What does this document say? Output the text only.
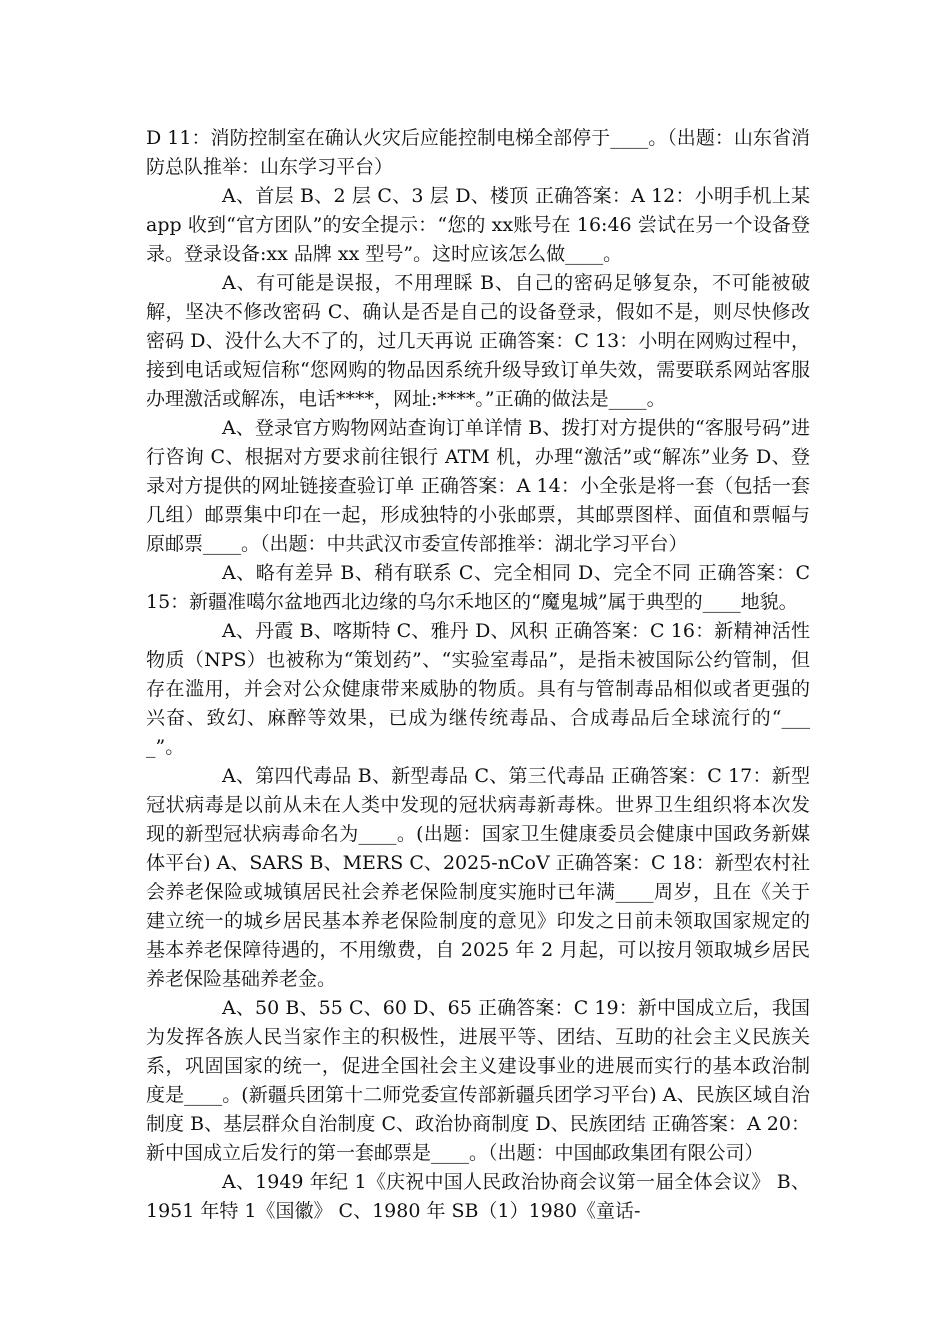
D 11：消防控制室在确认火灾后应能控制电梯全部停于____。（出题：山东省消防总队推举：山东学习平台）

A、首层 B、2 层 C、3 层 D、楼顶 正确答案：A 12：小明手机上某 app 收到“官方团队”的安全提示：“您的 xx账号在 16:46 尝试在另一个设备登录。登录设备:xx 品牌 xx 型号”。这时应该怎么做____。

A、有可能是误报，不用理睬 B、自己的密码足够复杂，不可能被破解，坚决不修改密码 C、确认是否是自己的设备登录，假如不是，则尽快修改密码 D、没什么大不了的，过几天再说 正确答案：C 13：小明在网购过程中，接到电话或短信称“您网购的物品因系统升级导致订单失效，需要联系网站客服办理激活或解冻，电话****，网址:****。”正确的做法是____。

A、登录官方购物网站查询订单详情 B、拨打对方提供的“客服号码”进行咨询 C、根据对方要求前往银行 ATM 机，办理“激活”或“解冻”业务 D、登录对方提供的网址链接查验订单 正确答案：A 14：小全张是将一套（包括一套几组）邮票集中印在一起，形成独特的小张邮票，其邮票图样、面值和票幅与原邮票____。（出题：中共武汉市委宣传部推举：湖北学习平台）

A、略有差异 B、稍有联系 C、完全相同 D、完全不同 正确答案：C 15：新疆准噶尔盆地西北边缘的乌尔禾地区的“魔鬼城”属于典型的____地貌。

A、丹霞 B、喀斯特 C、雅丹 D、风积 正确答案：C 16：新精神活性物质（NPS）也被称为“策划药”、“实验室毒品”，是指未被国际公约管制，但存在滥用，并会对公众健康带来威胁的物质。具有与管制毒品相似或者更强的兴奋、致幻、麻醉等效果，已成为继传统毒品、合成毒品后全球流行的“____”。

A、第四代毒品 B、新型毒品 C、第三代毒品 正确答案：C 17：新型冠状病毒是以前从未在人类中发现的冠状病毒新毒株。世界卫生组织将本次发现的新型冠状病毒命名为____。(出题：国家卫生健康委员会健康中国政务新媒体平台) A、SARS B、MERS C、2025-nCoV 正确答案：C 18：新型农村社会养老保险或城镇居民社会养老保险制度实施时已年满____周岁，且在《关于建立统一的城乡居民基本养老保险制度的意见》印发之日前未领取国家规定的基本养老保障待遇的，不用缴费，自 2025 年 2 月起，可以按月领取城乡居民养老保险基础养老金。

A、50 B、55 C、60 D、65 正确答案：C 19：新中国成立后，我国为发挥各族人民当家作主的积极性，进展平等、团结、互助的社会主义民族关系，巩固国家的统一，促进全国社会主义建设事业的进展而实行的基本政治制度是____。(新疆兵团第十二师党委宣传部新疆兵团学习平台) A、民族区域自治制度 B、基层群众自治制度 C、政治协商制度 D、民族团结 正确答案：A 20：新中国成立后发行的第一套邮票是____。（出题：中国邮政集团有限公司）

A、1949 年纪 1《庆祝中国人民政治协商会议第一届全体会议》 B、1951 年特 1《国徽》 C、1980 年 SB（1）1980《童话-
